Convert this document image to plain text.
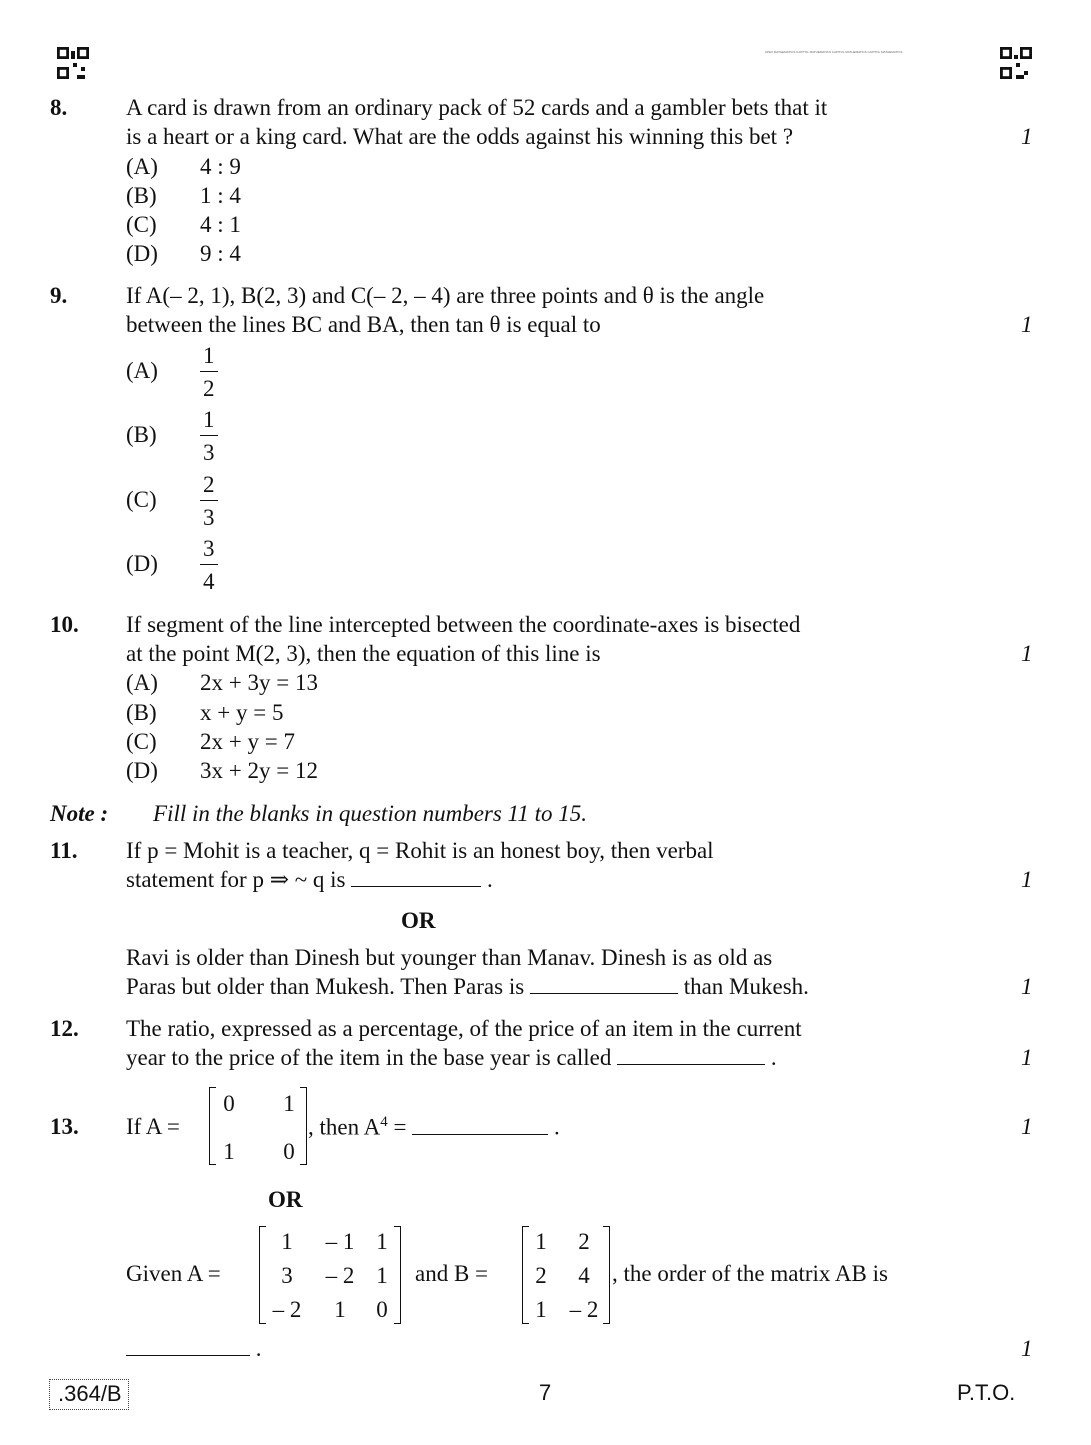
APEX MATHEMATICS CAPITOL MATHEMATICS CAPITOL MATHEMATICS CAPITOL MATHEMATICS
8.	A card is drawn from an ordinary pack of 52 cards and a gambler bets that it
is a heart or a king card. What are the odds against his winning this bet ?	1
(A) 4 : 9
(B) 1 : 4
(C) 4 : 1
(D) 9 : 4
9.	If A(– 2, 1), B(2, 3) and C(– 2, – 4) are three points and θ is the angle
between the lines BC and BA, then tan θ is equal to	1
$(A) \frac{1}{2}$
$(B) \frac{1}{3}$
$(C) \frac{2}{3}$
$(D) \frac{3}{4}$
10. If segment of the line intercepted between the coordinate-axes is bisected
at the point M(2, 3), then the equation of this line is	1
(A) 2x + 3y = 13
(B) x + y = 5
(C) 2x + y = 7
(D) 3x + 2y = 12
Note : Fill in the blanks in question numbers 11 to 15.
11. If p = Mohit is a teacher, q = Rohit is an honest boy, then verbal
statement for p ⇒ ~ q is	.	1
OR
Ravi is older than Dinesh but younger than Manav. Dinesh is as old as
Paras but older than Mukesh. Then Paras is	than Mukesh.	1
12. The ratio, expressed as a percentage, of the price of an item in the current
year to the price of the item in the base year is called	.	1
13. If A =
0 1
1 0
, then $A^4$ =	.	1
OR
Given A =
1	– 1 1
3	– 2 1
– 2	1	0
and B =
1	2
2	4
1 – 2
, the order of the matrix AB is
.	1
.364/B	7	P.T.O.
